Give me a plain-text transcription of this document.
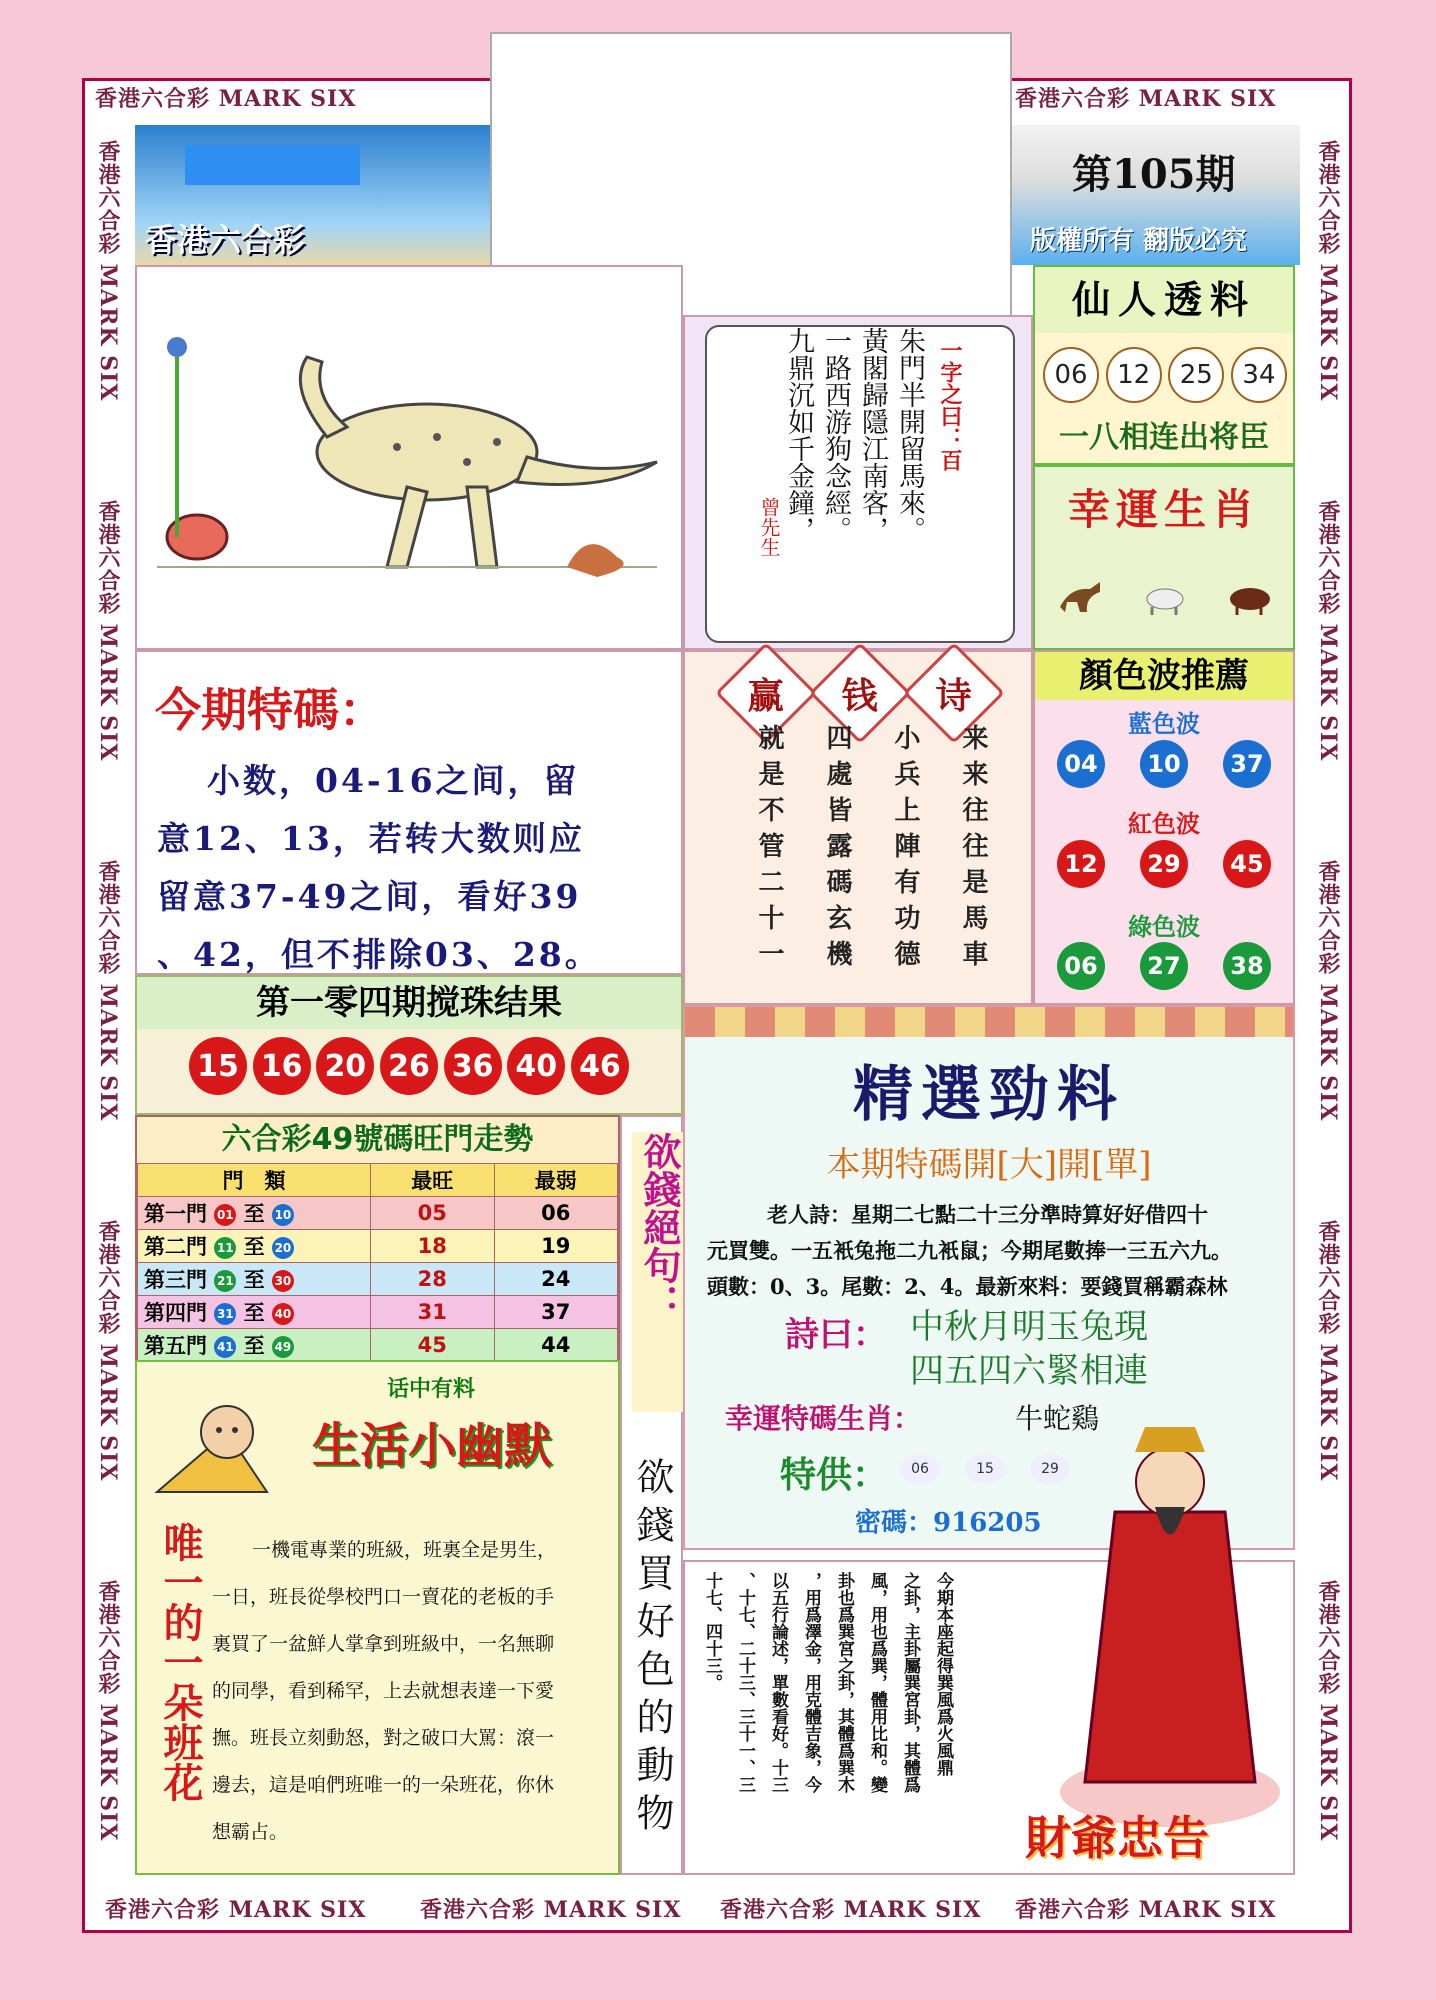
香港六合彩 MARK SIX	香港六合彩 MARK SIX
香港六合彩 MARK SIX 香港六合彩 MARK SIX 香港六合彩 MARK SIX 香港六合彩 MARK SIX
香港六合彩 MARK SIX
香港六合彩 MARK SIX
香港六合彩 MARK SIX
香港六合彩 MARK SIX
香港六合彩 MARK SIX
香港六合彩 MARK SIX
香港六合彩 MARK SIX
香港六合彩 MARK SIX
香港六合彩 MARK SIX
香港六合彩 MARK SIX
香港六合彩
第105期
版權所有 翻版必究
朱門半開留馬來。
黃閣歸隱江南客，
一路西游狗念經。
九鼎沉如千金鐘，	一字之曰：百
曾先生
仙人透料
06	12	25	34
一八相连出将臣
幸運生肖
今期特碼：
小数，04-16之间，留
意12、13，若转大数则应
留意37-49之间，看好39
、42，但不排除03、28。
赢 钱 诗
来来往往是馬車
小兵上陣有功德
四處皆露碼玄機
就是不管二十一
顏色波推薦
藍色波
04	10	37
紅色波
12	29	45
綠色波
06	27	38
第一零四期搅珠结果
15 16 20 26 36 40 46
六合彩49號碼旺門走勢
門　類	最旺	最弱
第一門 01 至 10	05	06
第二門 11 至 20	18	19
第三門 21 至 30	28	24
第四門 31 至 40	31	37
第五門 41 至 49	45	44
欲錢絕句：
欲錢買好色的動物
话中有料
生活小幽默
唯一的一朵班花	一機電專業的班級，班裏全是男生，
一日，班長從學校門口一賣花的老板的手
裏買了一盆鮮人掌拿到班級中，一名無聊
的同學，看到稀罕，上去就想表達一下愛
撫。班長立刻動怒，對之破口大罵：滾一
邊去，這是咱們班唯一的一朵班花，你休
想霸占。
精選勁料
本期特碼開[大]開[單]
老人詩：星期二七點二十三分準時算好好借四十
元買雙。一五衹兔拖二九衹鼠；今期尾數捧一三五六九。
頭數：0、3。尾數：2、4。最新來料：要錢買稱霸森林
詩曰： 中秋月明玉兔現
四五四六緊相連
幸運特碼生肖：	牛蛇鷄
特供：	06	15	29
密碼：916205
今期本座起得巽風爲火風鼎
之卦，主卦屬巽宮卦，其體爲
風，用也爲巽，體用比和。變
卦也爲巽宮之卦，其體爲巽木
，用爲澤金，用克體吉象，今
以五行論述，單數看好。十三
、十七、二十三、三十一、三
十七、四十三。
財爺忠告
